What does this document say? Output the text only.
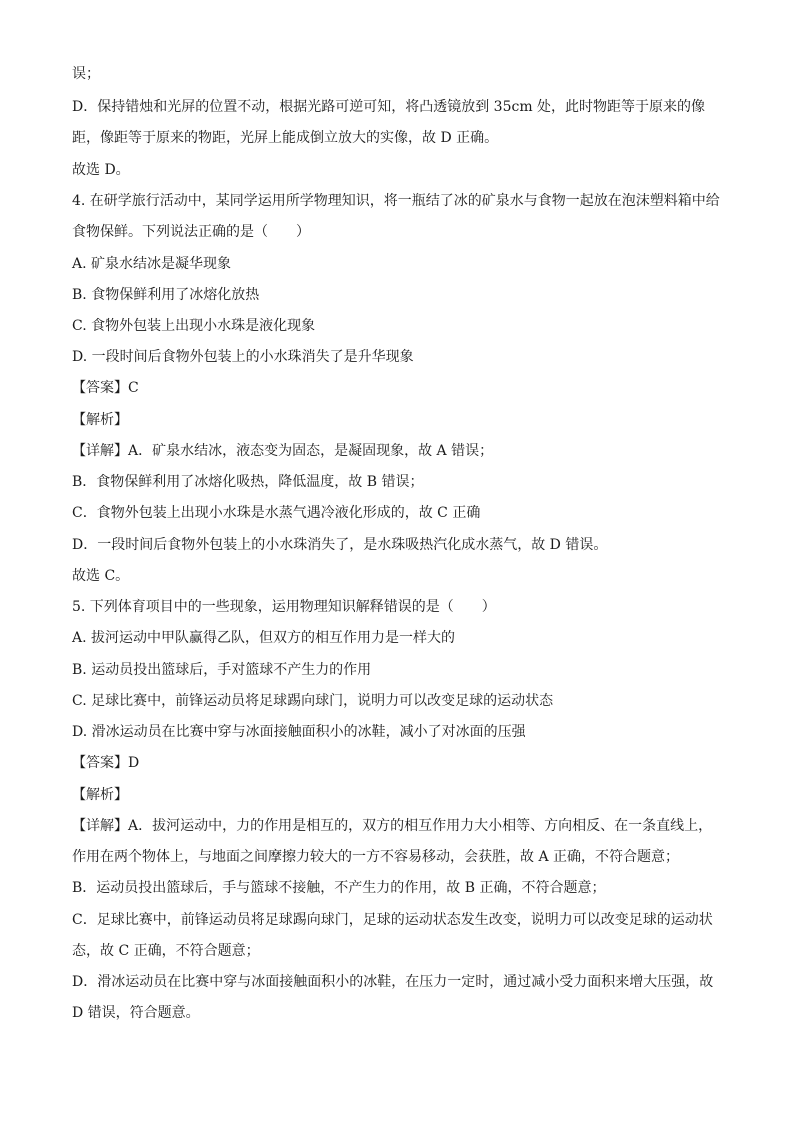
误；
D．保持错烛和光屏的位置不动，根据光路可逆可知，将凸透镜放到 35cm 处，此时物距等于原来的像
距，像距等于原来的物距，光屏上能成倒立放大的实像，故 D 正确。
故选 D。
4. 在研学旅行活动中，某同学运用所学物理知识，将一瓶结了冰的矿泉水与食物一起放在泡沫塑料箱中给
食物保鲜。下列说法正确的是（　　）
A. 矿泉水结冰是凝华现象
B. 食物保鲜利用了冰熔化放热
C. 食物外包装上出现小水珠是液化现象
D. 一段时间后食物外包装上的小水珠消失了是升华现象
【答案】C
【解析】
【详解】A．矿泉水结冰，液态变为固态，是凝固现象，故 A 错误；
B．食物保鲜利用了冰熔化吸热，降低温度，故 B 错误；
C．食物外包装上出现小水珠是水蒸气遇冷液化形成的，故 C 正确
D．一段时间后食物外包装上的小水珠消失了，是水珠吸热汽化成水蒸气，故 D 错误。
故选 C。
5. 下列体育项目中的一些现象，运用物理知识解释错误的是（　　）
A. 拔河运动中甲队赢得乙队，但双方的相互作用力是一样大的
B. 运动员投出篮球后，手对篮球不产生力的作用
C. 足球比赛中，前锋运动员将足球踢向球门，说明力可以改变足球的运动状态
D. 滑冰运动员在比赛中穿与冰面接触面积小的冰鞋，减小了对冰面的压强
【答案】D
【解析】
【详解】A．拔河运动中，力的作用是相互的，双方的相互作用力大小相等、方向相反、在一条直线上，
作用在两个物体上，与地面之间摩擦力较大的一方不容易移动，会获胜，故 A 正确，不符合题意；
B．运动员投出篮球后，手与篮球不接触，不产生力的作用，故 B 正确，不符合题意；
C．足球比赛中，前锋运动员将足球踢向球门，足球的运动状态发生改变，说明力可以改变足球的运动状
态，故 C 正确，不符合题意；
D．滑冰运动员在比赛中穿与冰面接触面积小的冰鞋，在压力一定时，通过减小受力面积来增大压强，故
D 错误，符合题意。
